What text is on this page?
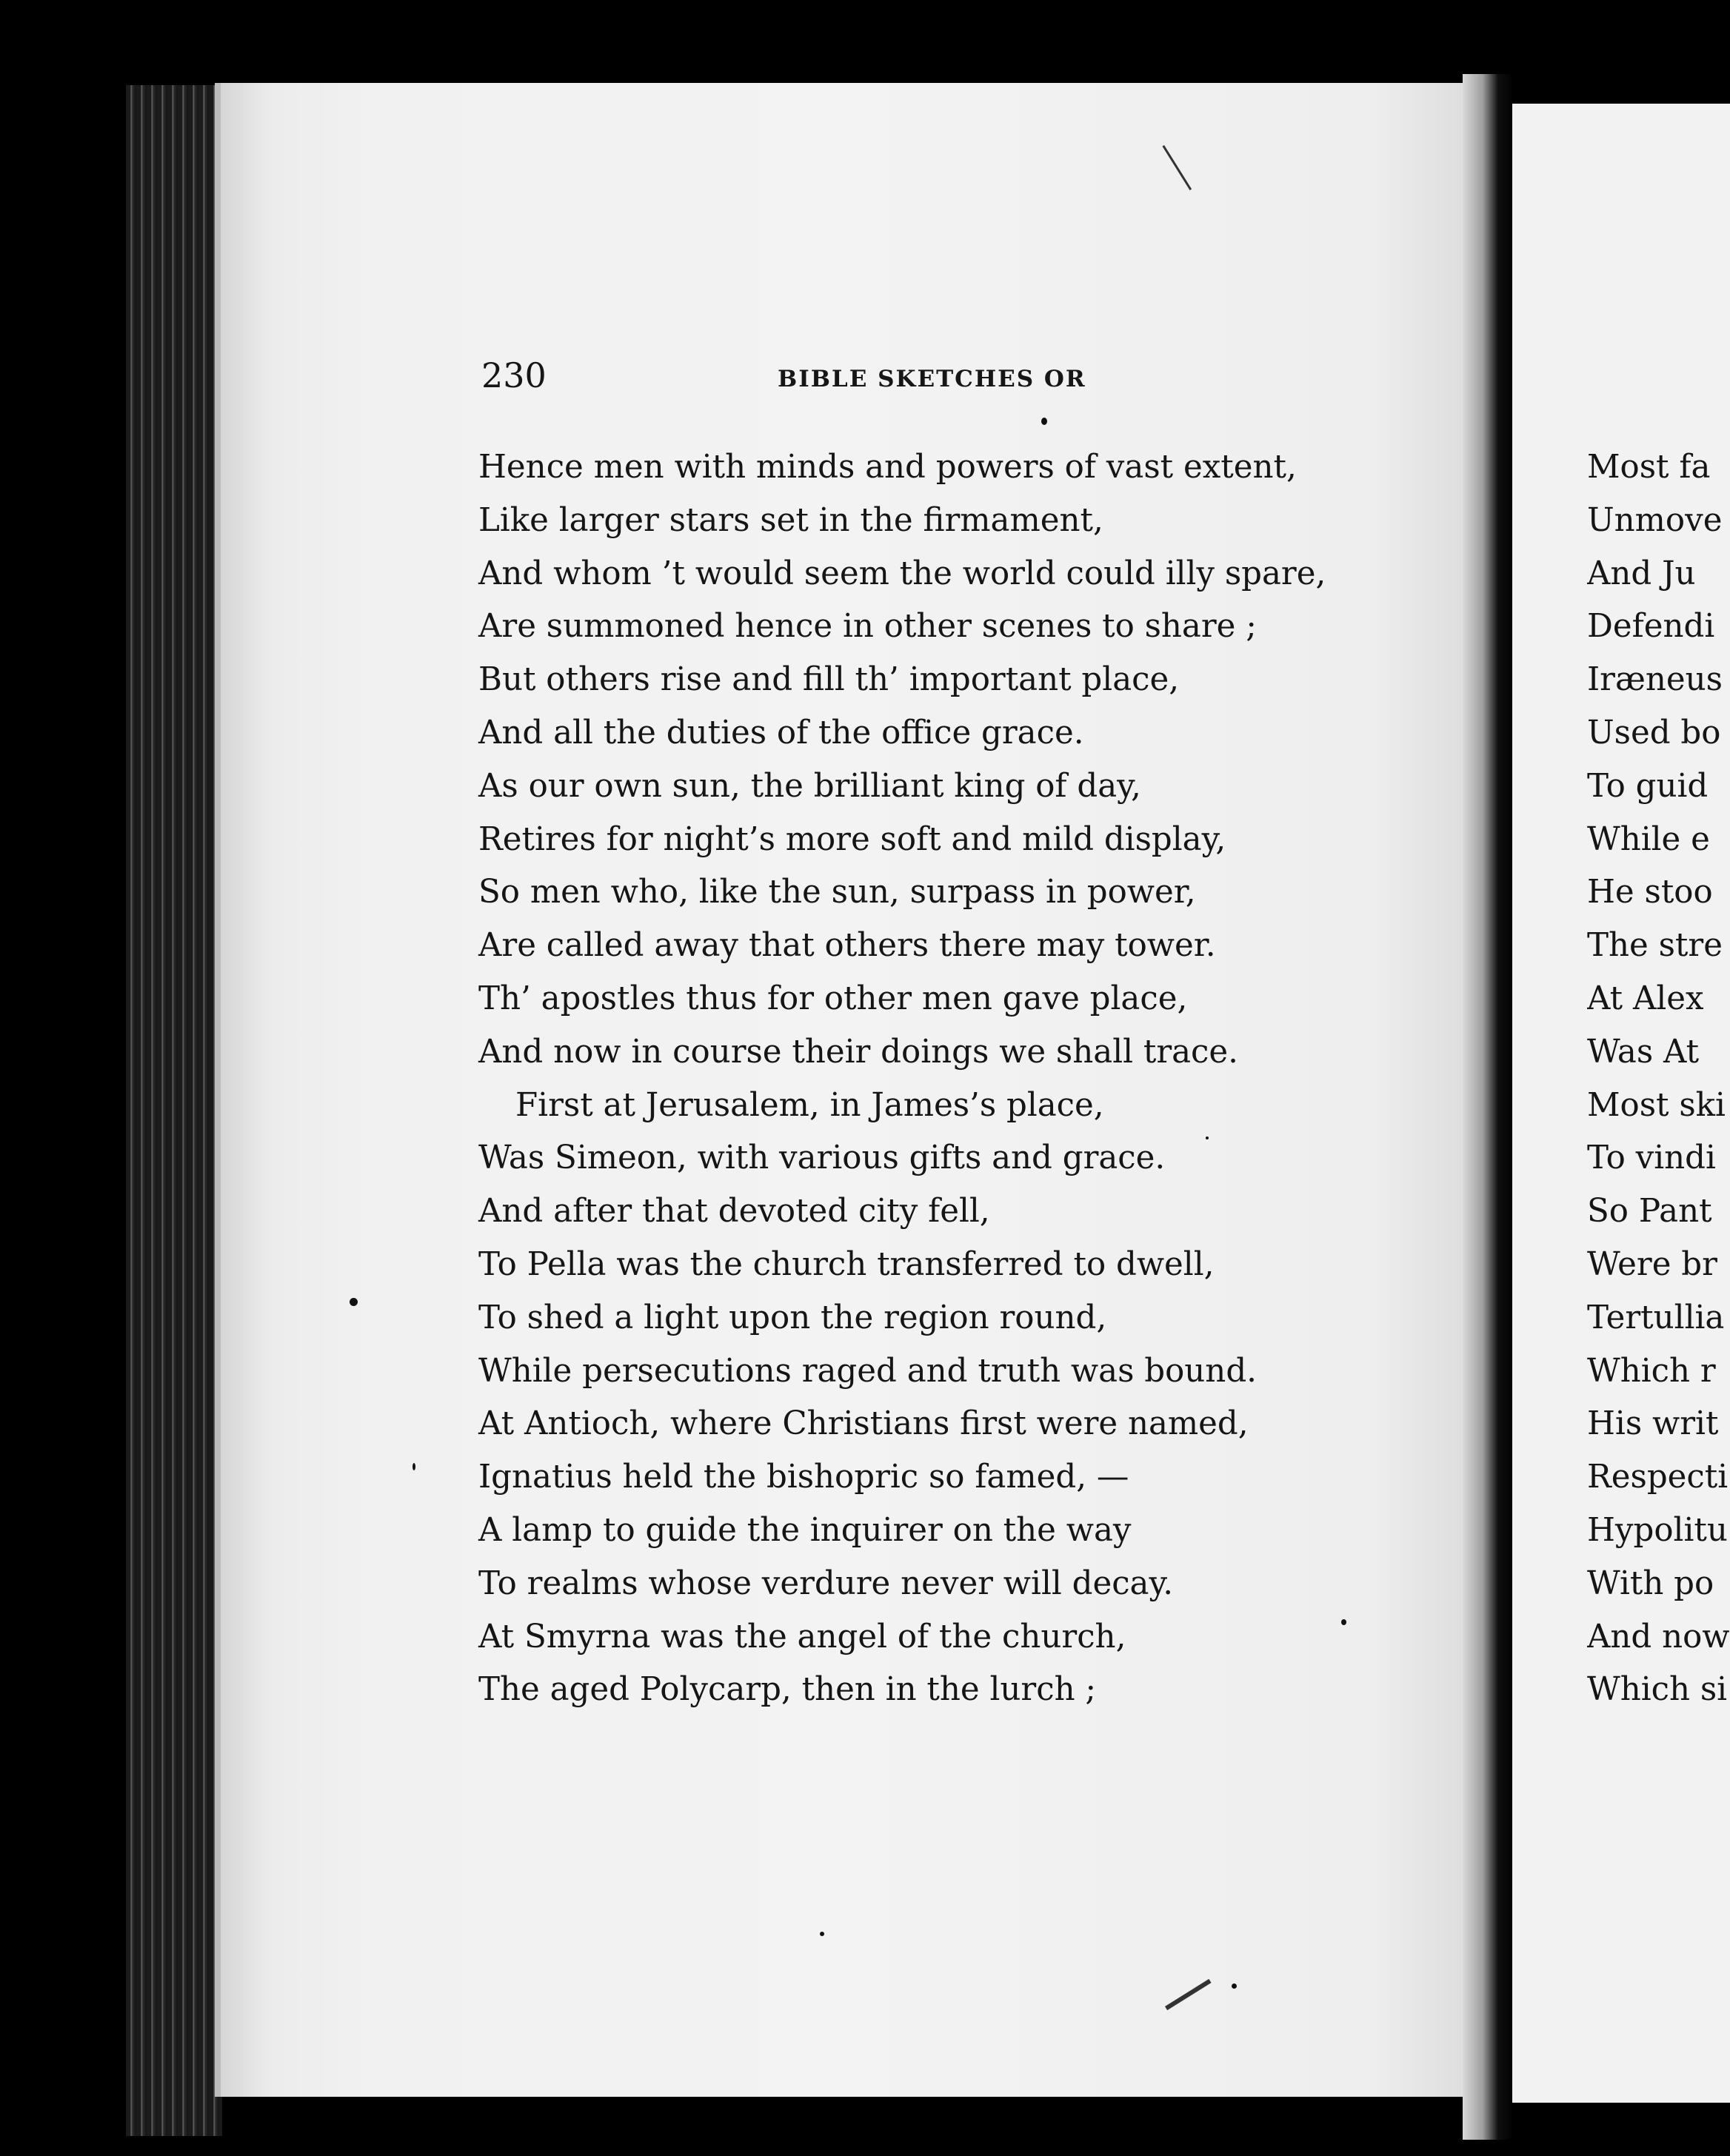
230	BIBLE SKETCHES OR
Hence men with minds and powers of vast extent,
Like larger stars set in the firmament,
And whom ’t would seem the world could illy spare,
Are summoned hence in other scenes to share ;
But others rise and fill th’ important place,
And all the duties of the office grace.
As our own sun, the brilliant king of day,
Retires for night’s more soft and mild display,
So men who, like the sun, surpass in power,
Are called away that others there may tower.
Th’ apostles thus for other men gave place,
And now in course their doings we shall trace.
First at Jerusalem, in James’s place,
Was Simeon, with various gifts and grace.
And after that devoted city fell,
To Pella was the church transferred to dwell,
To shed a light upon the region round,
While persecutions raged and truth was bound.
At Antioch, where Christians first were named,
Ignatius held the bishopric so famed, —
A lamp to guide the inquirer on the way
To realms whose verdure never will decay.
At Smyrna was the angel of the church,
The aged Polycarp, then in the lurch ;
Most fa
Unmove
And Ju
Defendi
Iræneus
Used bo
To guid
While e
He stoo
The stre
At Alex
Was At
Most ski
To vindi
So Pant
Were br
Tertullia
Which r
His writ
Respecti
Hypolitu
With po
And now
Which si
